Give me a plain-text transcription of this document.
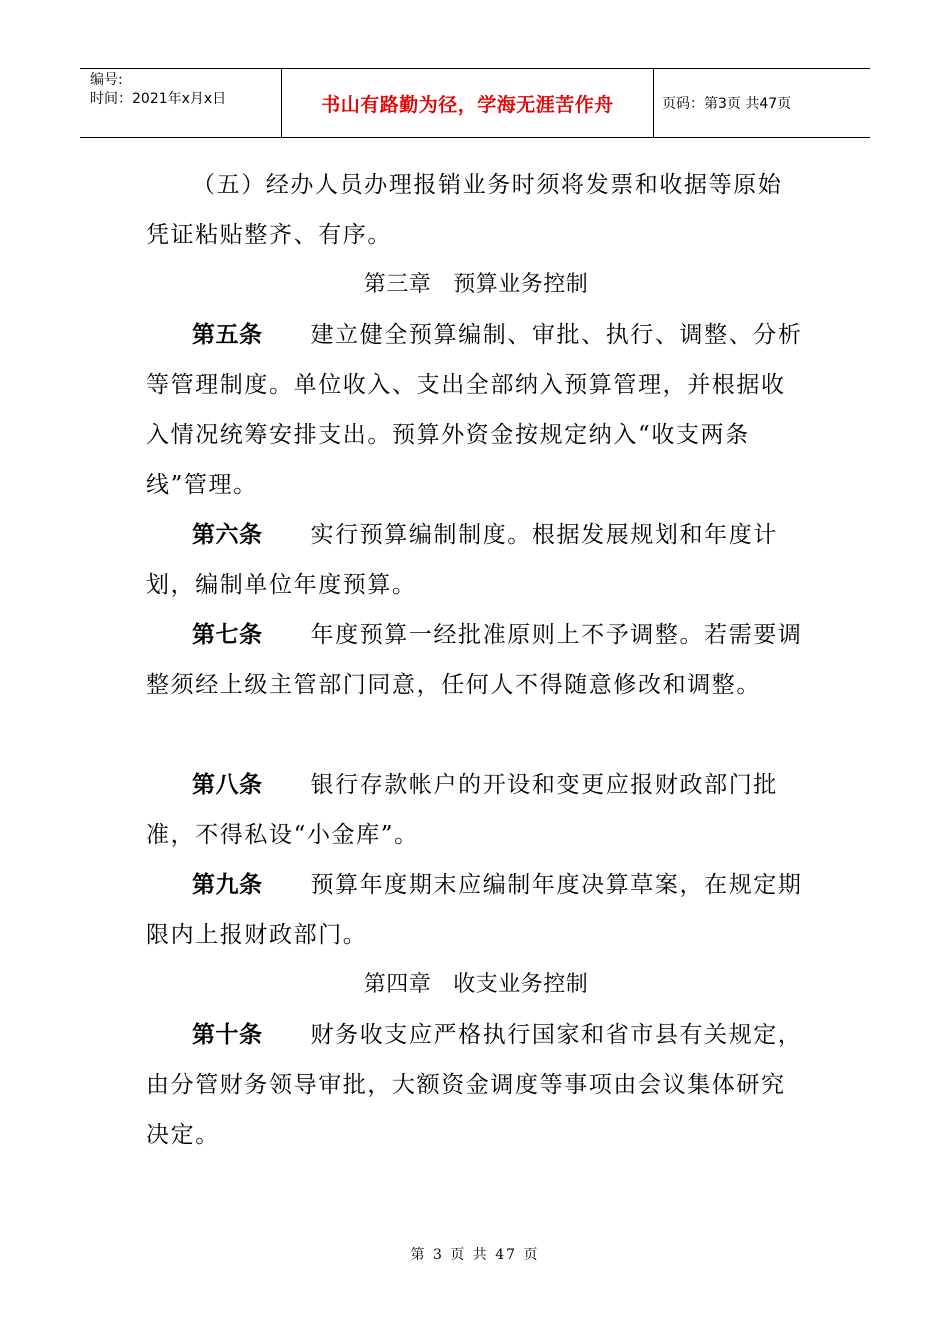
编号:
时间：2021年x月x日	书山有路勤为径，学海无涯苦作舟	页码：第3页 共47页

（五）经办人员办理报销业务时须将发票和收据等原始凭证粘贴整齐、有序。

第三章 预算业务控制

第五条 建立健全预算编制、审批、执行、调整、分析等管理制度。单位收入、支出全部纳入预算管理，并根据收入情况统筹安排支出。预算外资金按规定纳入“收支两条线”管理。

第六条 实行预算编制制度。根据发展规划和年度计划，编制单位年度预算。

第七条 年度预算一经批准原则上不予调整。若需要调整须经上级主管部门同意，任何人不得随意修改和调整。

第八条 银行存款帐户的开设和变更应报财政部门批准，不得私设“小金库”。

第九条 预算年度期末应编制年度决算草案，在规定期限内上报财政部门。

第四章 收支业务控制

第十条 财务收支应严格执行国家和省市县有关规定，由分管财务领导审批，大额资金调度等事项由会议集体研究决定。

第 3 页 共 47 页
